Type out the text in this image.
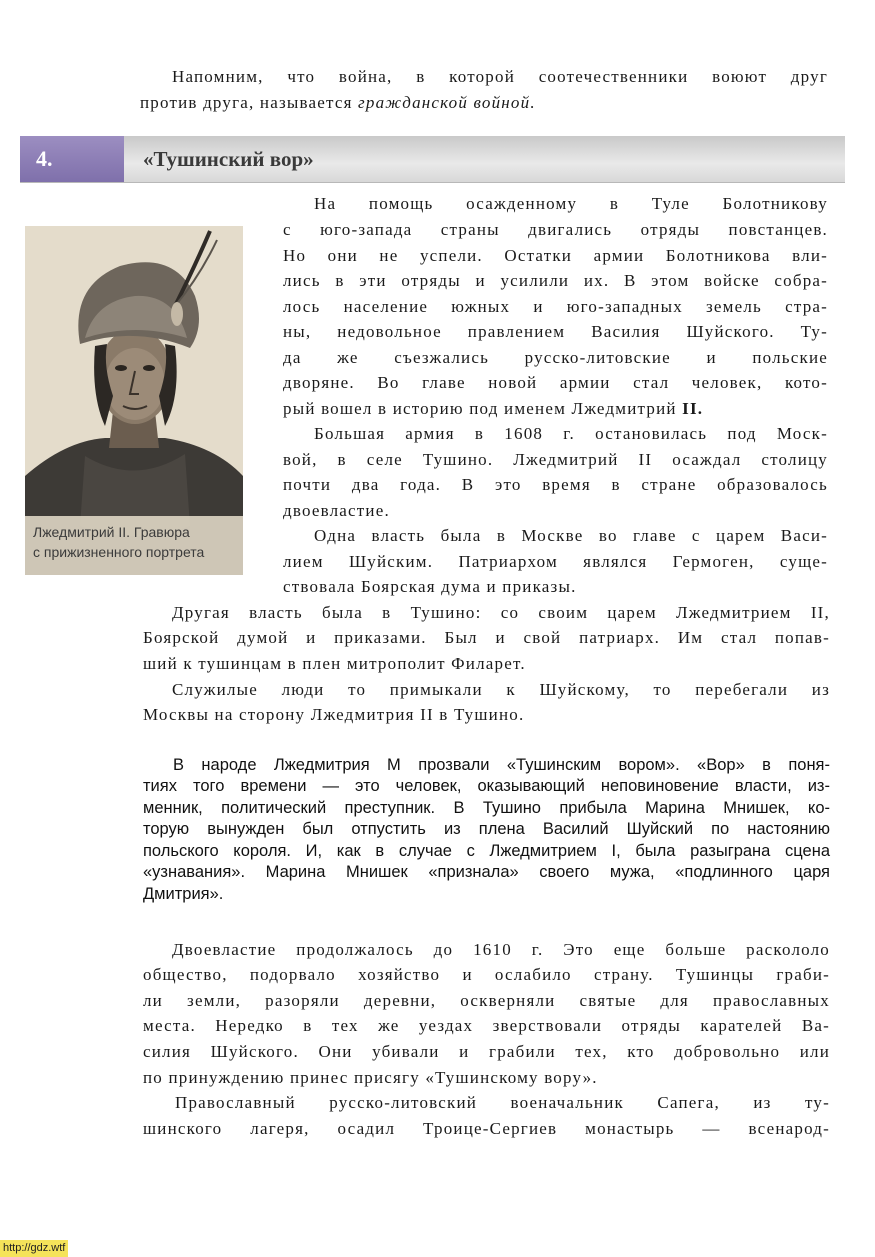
Напомним, что война, в которой соотечественники воюют друг
против друга, называется гражданской войной.
4.	«Тушинский вор»
Лжедмитрий II. Гравюра
с прижизненного портрета
На помощь осажденному в Туле Болотникову
с юго-запада страны двигались отряды повстанцев.
Но они не успели. Остатки армии Болотникова вли-
лись в эти отряды и усилили их. В этом войске собра-
лось население южных и юго-западных земель стра-
ны, недовольное правлением Василия Шуйского. Ту-
да же съезжались русско-литовские и польские
дворяне. Во главе новой армии стал человек, кото-
рый вошел в историю под именем Лжедмитрий II.
Большая армия в 1608 г. остановилась под Моск-
вой, в селе Тушино. Лжедмитрий II осаждал столицу
почти два года. В это время в стране образовалось
двоевластие.
Одна власть была в Москве во главе с царем Васи-
лием Шуйским. Патриархом являлся Гермоген, суще-
ствовала Боярская дума и приказы.
Другая власть была в Тушино: со своим царем Лжедмитрием II,
Боярской думой и приказами. Был и свой патриарх. Им стал попав-
ший к тушинцам в плен митрополит Филарет.
Служилые люди то примыкали к Шуйскому, то перебегали из
Москвы на сторону Лжедмитрия II в Тушино.
В народе Лжедмитрия М прозвали «Тушинским вором». «Вор» в поня-
тиях того времени — это человек, оказывающий неповиновение власти, из-
менник, политический преступник. В Тушино прибыла Марина Мнишек, ко-
торую вынужден был отпустить из плена Василий Шуйский по настоянию
польского короля. И, как в случае с Лжедмитрием I, была разыграна сцена
«узнавания». Марина Мнишек «признала» своего мужа, «подлинного царя
Дмитрия».
Двоевластие продолжалось до 1610 г. Это еще больше раскололо
общество, подорвало хозяйство и ослабило страну. Тушинцы граби-
ли земли, разоряли деревни, оскверняли святые для православных
места. Нередко в тех же уездах зверствовали отряды карателей Ва-
силия Шуйского. Они убивали и грабили тех, кто добровольно или
по принуждению принес присягу «Тушинскому вору».
Православный русско-литовский военачальник Сапега, из ту-
шинского лагеря, осадил Троице-Сергиев монастырь — всенарод-
http://gdz.wtf
